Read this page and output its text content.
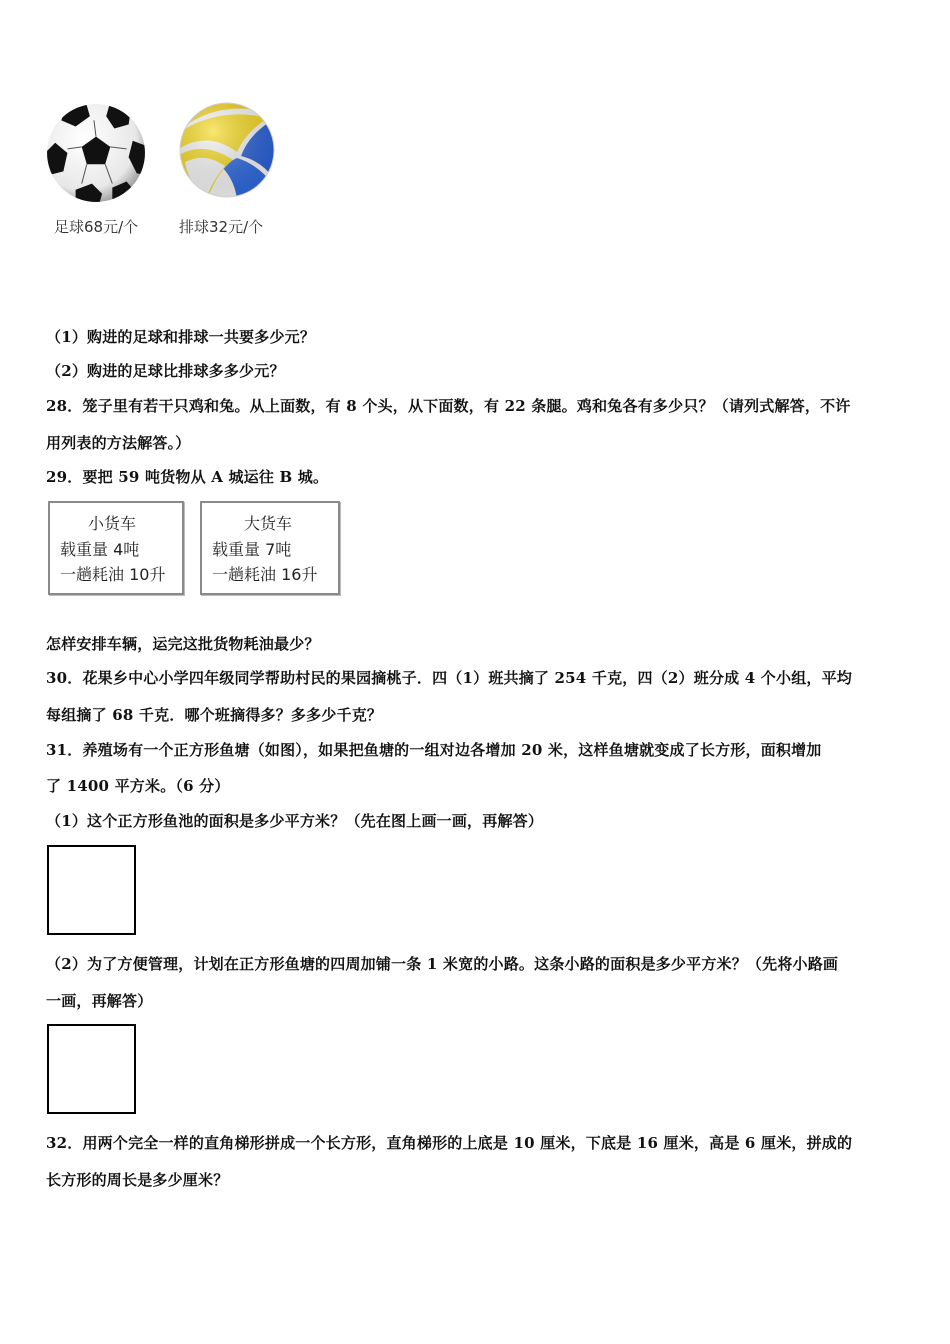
足球68元/个	排球32元/个
（1）购进的足球和排球一共要多少元？
（2）购进的足球比排球多多少元？
28．笼子里有若干只鸡和兔。从上面数，有 8 个头，从下面数，有 22 条腿。鸡和兔各有多少只？（请列式解答，不许
用列表的方法解答。）
29．要把 59 吨货物从 A 城运往 B 城。
小货车
载重量 4吨
一趟耗油 10升
大货车
载重量 7吨
一趟耗油 16升
怎样安排车辆，运完这批货物耗油最少？
30．花果乡中心小学四年级同学帮助村民的果园摘桃子．四（1）班共摘了 254 千克，四（2）班分成 4 个小组，平均
每组摘了 68 千克．哪个班摘得多？多多少千克？
31．养殖场有一个正方形鱼塘（如图），如果把鱼塘的一组对边各增加 20 米，这样鱼塘就变成了长方形，面积增加
了 1400 平方米。（6 分）
（1）这个正方形鱼池的面积是多少平方米？（先在图上画一画，再解答）
（2）为了方便管理，计划在正方形鱼塘的四周加铺一条 1 米宽的小路。这条小路的面积是多少平方米？（先将小路画
一画，再解答）
32．用两个完全一样的直角梯形拼成一个长方形，直角梯形的上底是 10 厘米，下底是 16 厘米，高是 6 厘米，拼成的
长方形的周长是多少厘米？
